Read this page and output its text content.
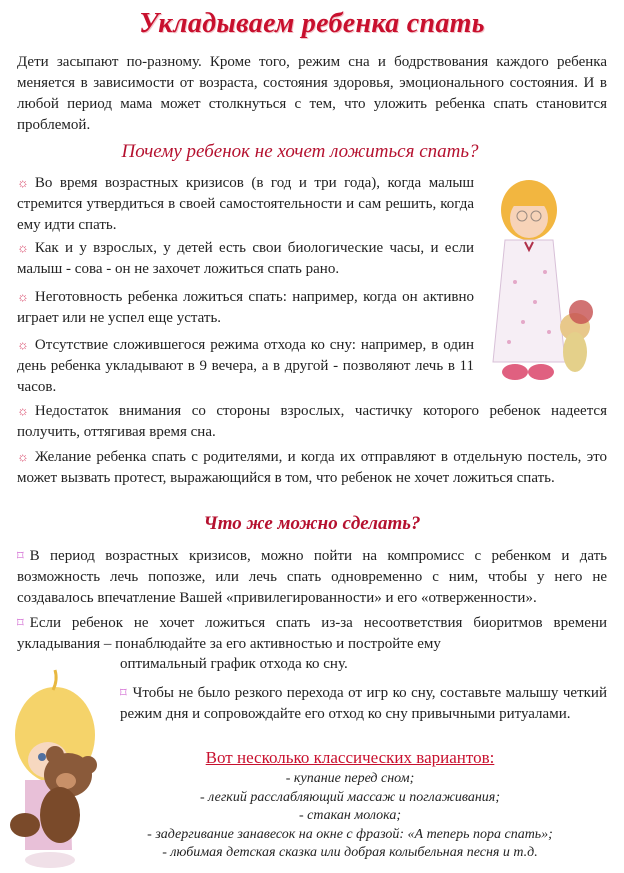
Укладываем ребенка спать
Дети засыпают по-разному. Кроме того, режим сна и бодрствования каждого ребенка меняется в зависимости от возраста, состояния здоровья, эмоционального состояния. И в любой период мама может столкнуться с тем, что уложить ребенка спать становится проблемой.
Почему ребенок не хочет ложиться спать?
☼ Во время возрастных кризисов (в год и три года), когда малыш стремится утвердиться в своей самостоятельности и сам решить, когда ему идти спать.
☼ Как и у взрослых, у детей есть свои биологические часы, и если малыш - сова - он не захочет ложиться спать рано.
☼ Неготовность ребенка ложиться спать: например, когда он активно играет или не успел еще устать.
☼ Отсутствие сложившегося режима отхода ко сну: например, в один день ребенка укладывают в 9 вечера, а в другой - позволяют лечь в 11 часов.
☼ Недостаток внимания со стороны взрослых, частичку которого ребенок надеется получить, оттягивая время сна.
☼ Желание ребенка спать с родителями, и когда их отправляют в отдельную постель, это может вызвать протест, выражающийся в том, что ребенок не хочет ложиться спать.
Что же можно сделать?
⌑ В период возрастных кризисов, можно пойти на компромисс с ребенком и дать возможность лечь попозже, или лечь спать одновременно с ним, чтобы у него не создавалось впечатление Вашей «привилегированности» и его «отверженности».
⌑ Если ребенок не хочет ложиться спать из-за несоответствия биоритмов времени укладывания – понаблюдайте за его активностью и постройте ему
оптимальный график отхода ко сну.
⌑ Чтобы не было резкого перехода от игр ко сну, составьте малышу четкий режим дня и сопровождайте его отход ко сну привычными ритуалами.
Вот несколько классических вариантов:
- купание перед сном;
- легкий расслабляющий массаж и поглаживания;
- стакан молока;
- задергивание занавесок на окне с фразой: «А теперь пора спать»;
- любимая детская сказка или добрая колыбельная песня и т.д.
